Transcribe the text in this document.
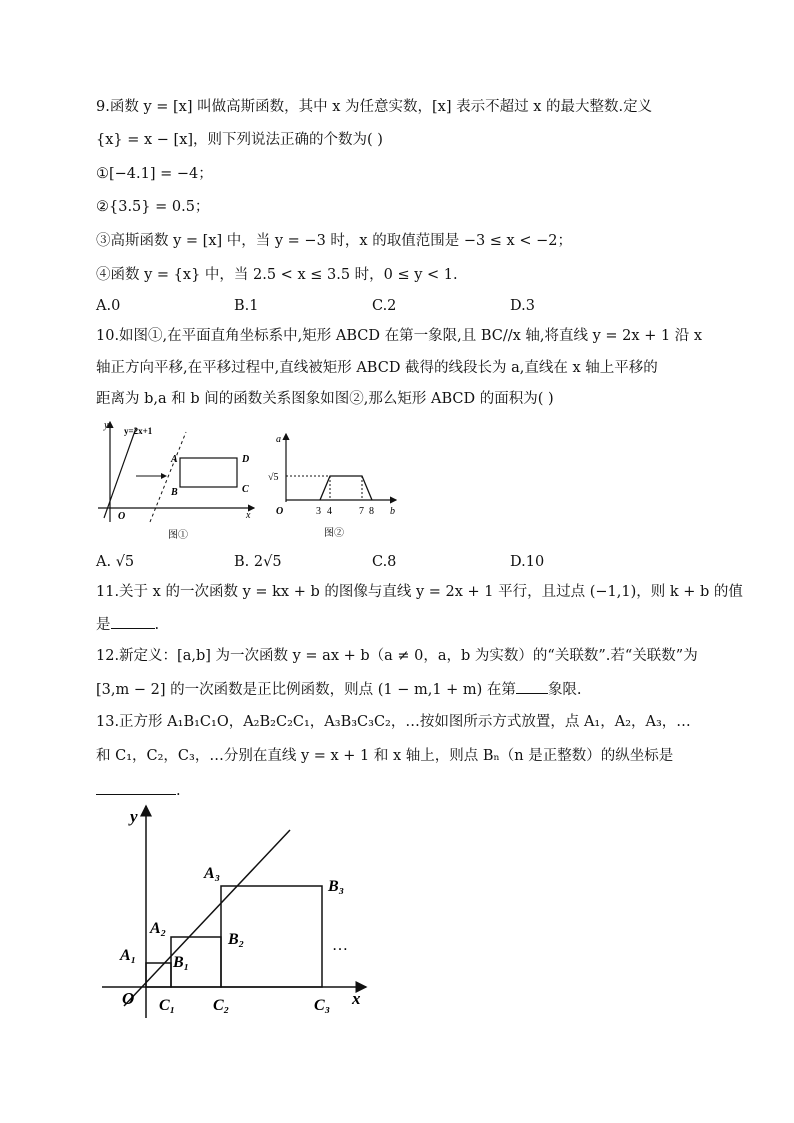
9.函数 y = [x] 叫做高斯函数，其中 x 为任意实数，[x] 表示不超过 x 的最大整数.定义
{x} = x − [x]，则下列说法正确的个数为( )
①[−4.1] = −4；
②{3.5} = 0.5；
③高斯函数 y = [x] 中，当 y = −3 时，x 的取值范围是 −3 ≤ x < −2；
④函数 y = {x} 中，当 2.5 < x ≤ 3.5 时，0 ≤ y < 1.
A.0	B.1	C.2	D.3
10.如图①,在平面直角坐标系中,矩形 ABCD 在第一象限,且 BC//x 轴,将直线 y = 2x + 1 沿 x
轴正方向平移,在平移过程中,直线被矩形 ABCD 截得的线段长为 a,直线在 x 轴上平移的
距离为 b,a 和 b 间的函数关系图象如图②,那么矩形 ABCD 的面积为( )
y y=2x+1
x
O
A
B	C
D
图①
a
b
O
√5
3 4	7 8
图②
A. √5	B. 2√5	C.8	D.10
11.关于 x 的一次函数 y = kx + b 的图像与直线 y = 2x + 1 平行，且过点 (−1,1)，则 k + b 的值
是	.
12.新定义：[a,b] 为一次函数 y = ax + b（a ≠ 0，a，b 为实数）的“关联数”.若“关联数”为
[3,m − 2] 的一次函数是正比例函数，则点 (1 − m,1 + m) 在第 象限.
13.正方形 A₁B₁C₁O，A₂B₂C₂C₁，A₃B₃C₃C₂，…按如图所示方式放置，点 A₁，A₂，A₃，…
和 C₁，C₂，C₃，…分别在直线 y = x + 1 和 x 轴上，则点 Bₙ（n 是正整数）的纵坐标是
.
y
x
O
A₁
A₂
A₃
B₁
B₂
B₃
C₁ C₂	C₃
…
